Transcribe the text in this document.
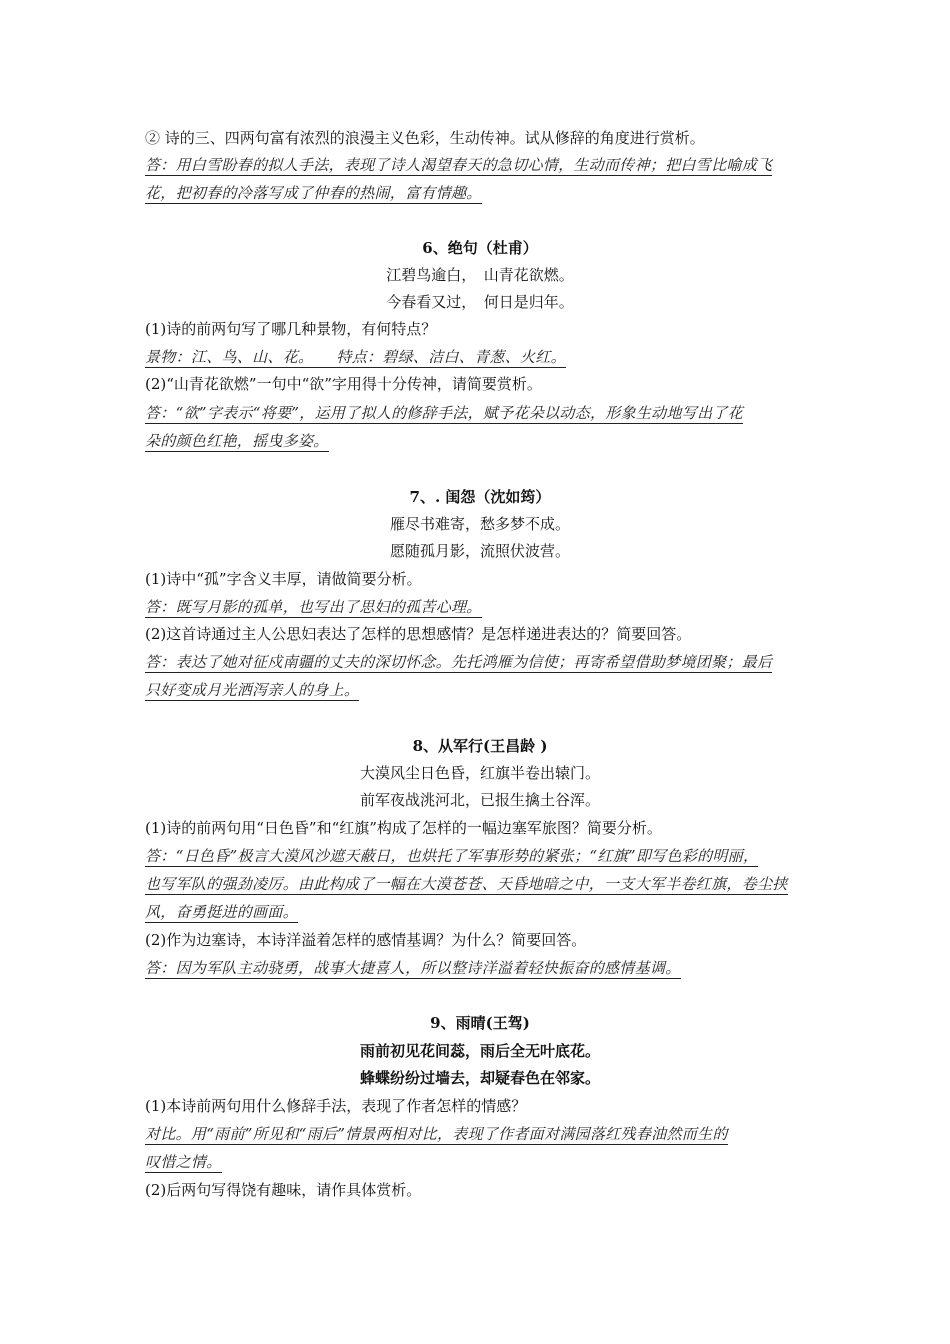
② 诗的三、四两句富有浓烈的浪漫主义色彩，生动传神。试从修辞的角度进行赏析。
答：用白雪盼春的拟人手法，表现了诗人渴望春天的急切心情，生动而传神；把白雪比喻成飞
花，把初春的冷落写成了仲春的热闹，富有情趣。
6、绝句（杜甫）
江碧鸟逾白，　山青花欲燃。
今春看又过，　何日是归年。
(1)诗的前两句写了哪几种景物，有何特点？
景物：江、鸟、山、花。　　特点：碧绿、洁白、青葱、火红。
(2)“山青花欲燃”一句中“欲”字用得十分传神，请简要赏析。
答：“欲”字表示“将要”，运用了拟人的修辞手法，赋予花朵以动态，形象生动地写出了花
朵的颜色红艳，摇曳多姿。
7、. 闺怨（沈如筠）
雁尽书难寄，愁多梦不成。
愿随孤月影，流照伏波营。
(1)诗中“孤”字含义丰厚，请做简要分析。
答：既写月影的孤单，也写出了思妇的孤苦心理。
(2)这首诗通过主人公思妇表达了怎样的思想感情？是怎样递进表达的？简要回答。
答：表达了她对征戍南疆的丈夫的深切怀念。先托鸿雁为信使；再寄希望借助梦境团聚；最后
只好变成月光洒泻亲人的身上。
8、从军行(王昌龄 )
大漠风尘日色昏，红旗半卷出辕门。
前军夜战洮河北，已报生擒土谷浑。
(1)诗的前两句用“日色昏”和“红旗”构成了怎样的一幅边塞军旅图？简要分析。
答：“日色昏”极言大漠风沙遮天蔽日，也烘托了军事形势的紧张；“红旗”即写色彩的明丽，
也写军队的强劲凌厉。由此构成了一幅在大漠苍苍、天昏地暗之中，一支大军半卷红旗，卷尘挟
风，奋勇挺进的画面。
(2)作为边塞诗，本诗洋溢着怎样的感情基调？为什么？简要回答。
答：因为军队主动骁勇，战事大捷喜人，所以整诗洋溢着轻快振奋的感情基调。
9、雨晴(王驾)
雨前初见花间蕊，雨后全无叶底花。
蜂蝶纷纷过墙去，却疑春色在邻家。
(1)本诗前两句用什么修辞手法，表现了作者怎样的情感？
对比。用“雨前”所见和“雨后”情景两相对比，表现了作者面对满园落红残春油然而生的
叹惜之情。
(2)后两句写得饶有趣味，请作具体赏析。
